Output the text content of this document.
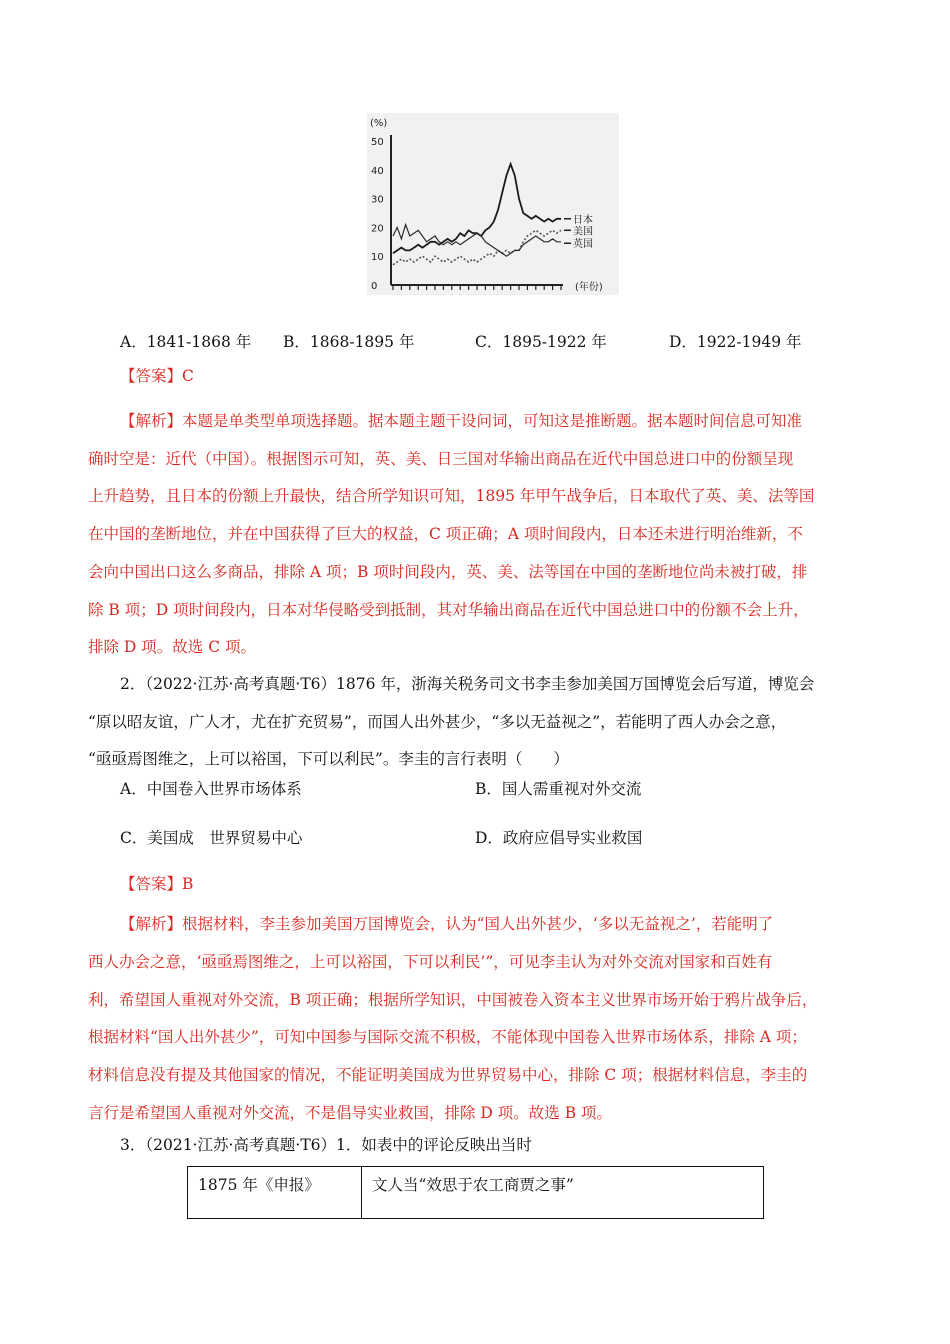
(%)
50
40
30
20
10
0	(年份)
日本
美国
英国
A．1841-1868 年 B．1868-1895 年	C．1895-1922 年	D．1922-1949 年
【答案】C
【解析】本题是单类型单项选择题。据本题主题干设问词，可知这是推断题。据本题时间信息可知准
确时空是：近代（中国）。根据图示可知，英、美、日三国对华输出商品在近代中国总进口中的份额呈现
上升趋势，且日本的份额上升最快，结合所学知识可知，1895 年甲午战争后，日本取代了英、美、法等国
在中国的垄断地位，并在中国获得了巨大的权益，C 项正确；A 项时间段内，日本还未进行明治维新，不
会向中国出口这么多商品，排除 A 项；B 项时间段内，英、美、法等国在中国的垄断地位尚未被打破，排
除 B 项；D 项时间段内，日本对华侵略受到抵制，其对华输出商品在近代中国总进口中的份额不会上升，
排除 D 项。故选 C 项。
2．（2022·江苏·高考真题·T6）1876 年，浙海关税务司文书李圭参加美国万国博览会后写道，博览会
“原以昭友谊，广人才，尤在扩充贸易”，而国人出外甚少，“多以无益视之”，若能明了西人办会之意，
“亟亟焉图维之，上可以裕国，下可以利民”。李圭的言行表明（　　）
A．中国卷入世界市场体系	B．国人需重视对外交流
C．美国成　世界贸易中心	D．政府应倡导实业救国
【答案】B
【解析】根据材料，李圭参加美国万国博览会，认为“国人出外甚少，‘多以无益视之’，若能明了
西人办会之意，‘亟亟焉图维之，上可以裕国，下可以利民’”，可见李圭认为对外交流对国家和百姓有
利，希望国人重视对外交流，B 项正确；根据所学知识，中国被卷入资本主义世界市场开始于鸦片战争后，
根据材料“国人出外甚少”，可知中国参与国际交流不积极，不能体现中国卷入世界市场体系，排除 A 项；
材料信息没有提及其他国家的情况，不能证明美国成为世界贸易中心，排除 C 项；根据材料信息，李圭的
言行是希望国人重视对外交流，不是倡导实业救国，排除 D 项。故选 B 项。
3．（2021·江苏·高考真题·T6）1．如表中的评论反映出当时
1875 年《申报》	文人当“效思于农工商贾之事”
